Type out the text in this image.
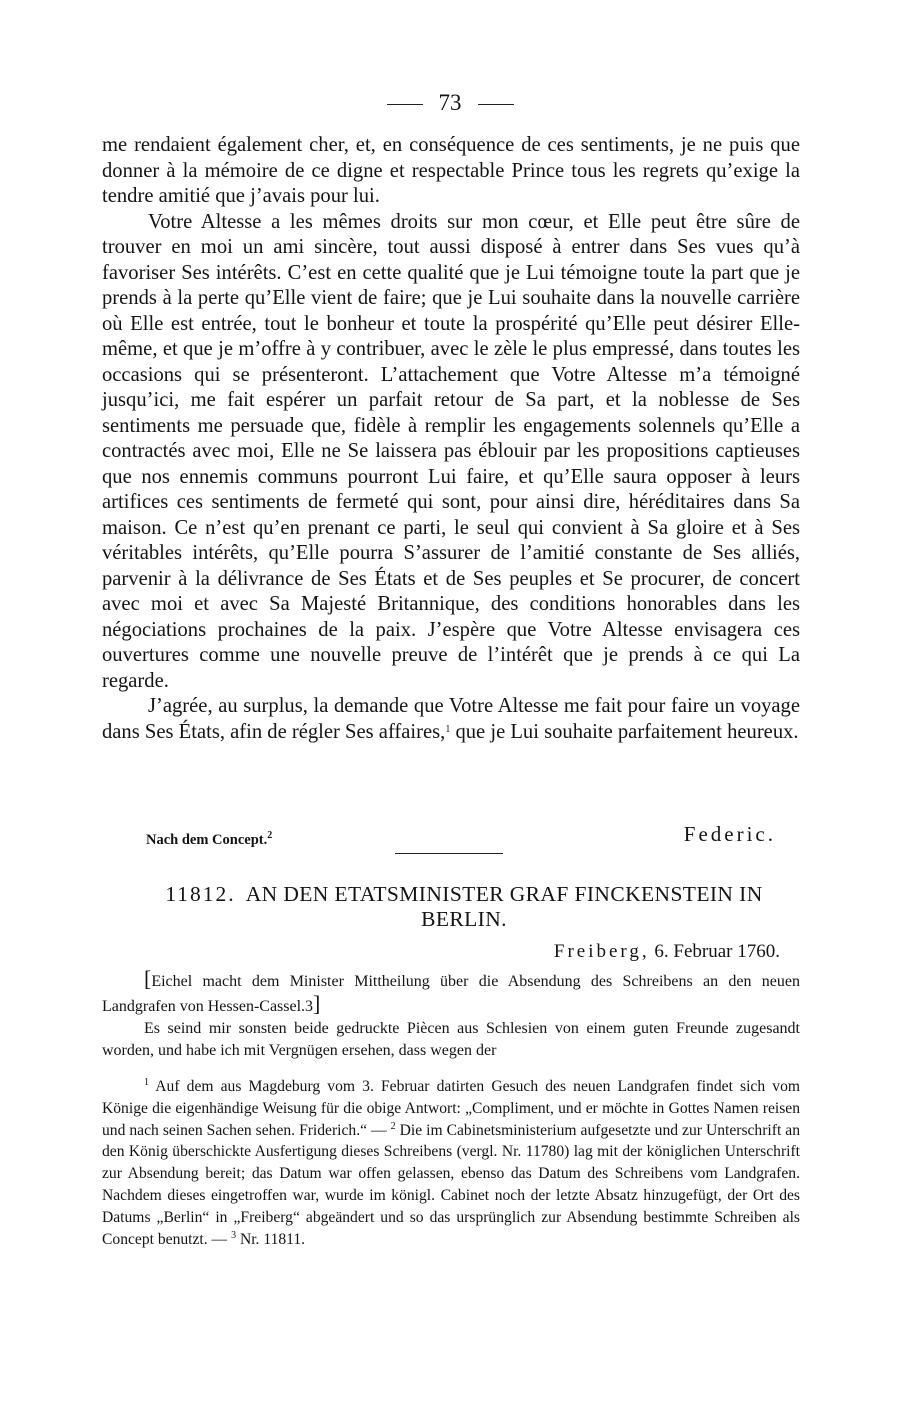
73

me rendaient également cher, et, en conséquence de ces sentiments, je ne puis que donner à la mémoire de ce digne et respectable Prince tous les regrets qu’exige la tendre amitié que j’avais pour lui.

Votre Altesse a les mêmes droits sur mon cœur, et Elle peut être sûre de trouver en moi un ami sincère, tout aussi disposé à entrer dans Ses vues qu’à favoriser Ses intérêts. C’est en cette qualité que je Lui témoigne toute la part que je prends à la perte qu’Elle vient de faire; que je Lui souhaite dans la nouvelle carrière où Elle est entrée, tout le bonheur et toute la prospérité qu’Elle peut désirer Elle-même, et que je m’offre à y contribuer, avec le zèle le plus empressé, dans toutes les occasions qui se présenteront. L’attachement que Votre Altesse m’a témoigné jusqu’ici, me fait espérer un parfait retour de Sa part, et la noblesse de Ses sentiments me persuade que, fidèle à remplir les engagements solennels qu’Elle a contractés avec moi, Elle ne Se laissera pas éblouir par les propositions captieuses que nos ennemis communs pourront Lui faire, et qu’Elle saura opposer à leurs artifices ces sentiments de fermeté qui sont, pour ainsi dire, héréditaires dans Sa maison. Ce n’est qu’en prenant ce parti, le seul qui convient à Sa gloire et à Ses véritables intérêts, qu’Elle pourra S’assurer de l’amitié constante de Ses alliés, parvenir à la délivrance de Ses États et de Ses peuples et Se procurer, de concert avec moi et avec Sa Majesté Britannique, des conditions honorables dans les négociations prochaines de la paix. J’espère que Votre Altesse envisagera ces ouvertures comme une nouvelle preuve de l’intérêt que je prends à ce qui La regarde.

J’agrée, au surplus, la demande que Votre Altesse me fait pour faire un voyage dans Ses États, afin de régler Ses affaires,$^1$ que je Lui souhaite parfaitement heureux.

Nach dem Concept.$^2$	Federic.
11812. AN DEN ETATSMINISTER GRAF FINCKENSTEIN IN BERLIN.
Freiberg, 6. Februar 1760.

[Eichel macht dem Minister Mittheilung über die Absendung des Schreibens an den neuen Landgrafen von Hessen-Cassel.3]

Es seind mir sonsten beide gedruckte Piècen aus Schlesien von einem guten Freunde zugesandt worden, und habe ich mit Vergnügen ersehen, dass wegen der

$^1$ Auf dem aus Magdeburg vom 3. Februar datirten Gesuch des neuen Landgrafen findet sich vom Könige die eigenhändige Weisung für die obige Antwort: „Compliment, und er möchte in Gottes Namen reisen und nach seinen Sachen sehen. Friderich.“ — $^2$ Die im Cabinetsministerium aufgesetzte und zur Unterschrift an den König überschickte Ausfertigung dieses Schreibens (vergl. Nr. 11780) lag mit der königlichen Unterschrift zur Absendung bereit; das Datum war offen gelassen, ebenso das Datum des Schreibens vom Landgrafen. Nachdem dieses eingetroffen war, wurde im königl. Cabinet noch der letzte Absatz hinzugefügt, der Ort des Datums „Berlin“ in „Freiberg“ abgeändert und so das ursprünglich zur Absendung bestimmte Schreiben als Concept benutzt. — $^3$ Nr. 11811.
